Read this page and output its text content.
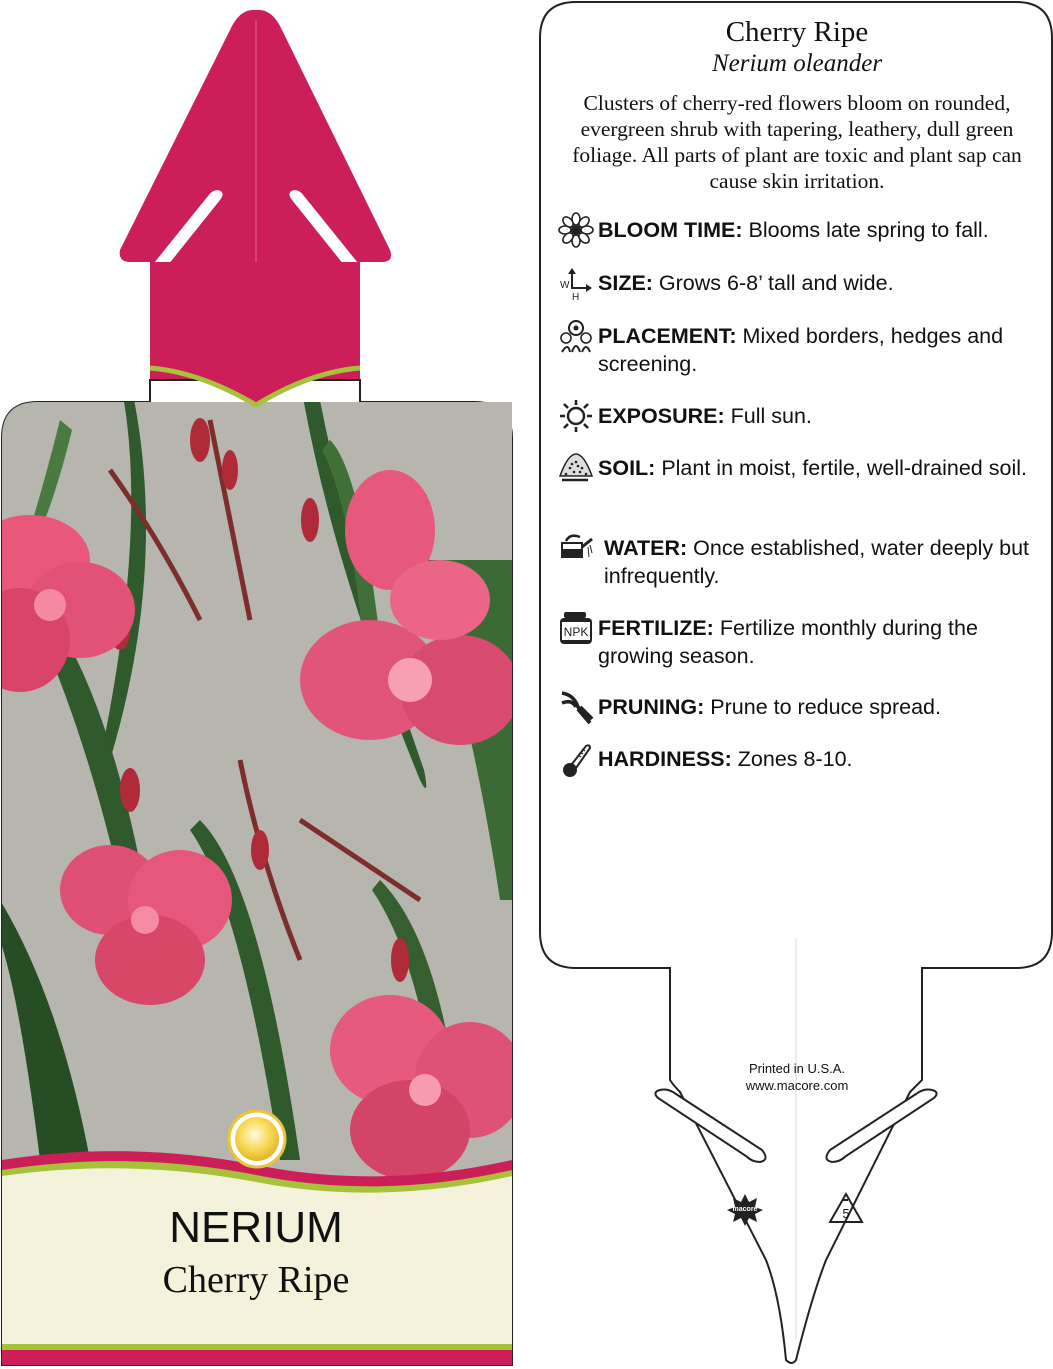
NERIUM
Cherry Ripe
Cherry Ripe
Nerium oleander
Clusters of cherry-red flowers bloom on rounded, evergreen shrub with tapering, leathery, dull green foliage. All parts of plant are toxic and plant sap can cause skin irritation.
BLOOM TIME: Blooms late spring to fall.
SIZE: Grows 6-8’ tall and wide.
PLACEMENT: Mixed borders, hedges and screening.
EXPOSURE: Full sun.
SOIL: Plant in moist, fertile, well-drained soil.
WATER: Once established, water deeply but infrequently.
FERTILIZE: Fertilize monthly during the growing season.
PRUNING: Prune to reduce spread.
HARDINESS: Zones 8-10.
W
H
NPK
Printed in U.S.A.
www.macore.com
macore	5
